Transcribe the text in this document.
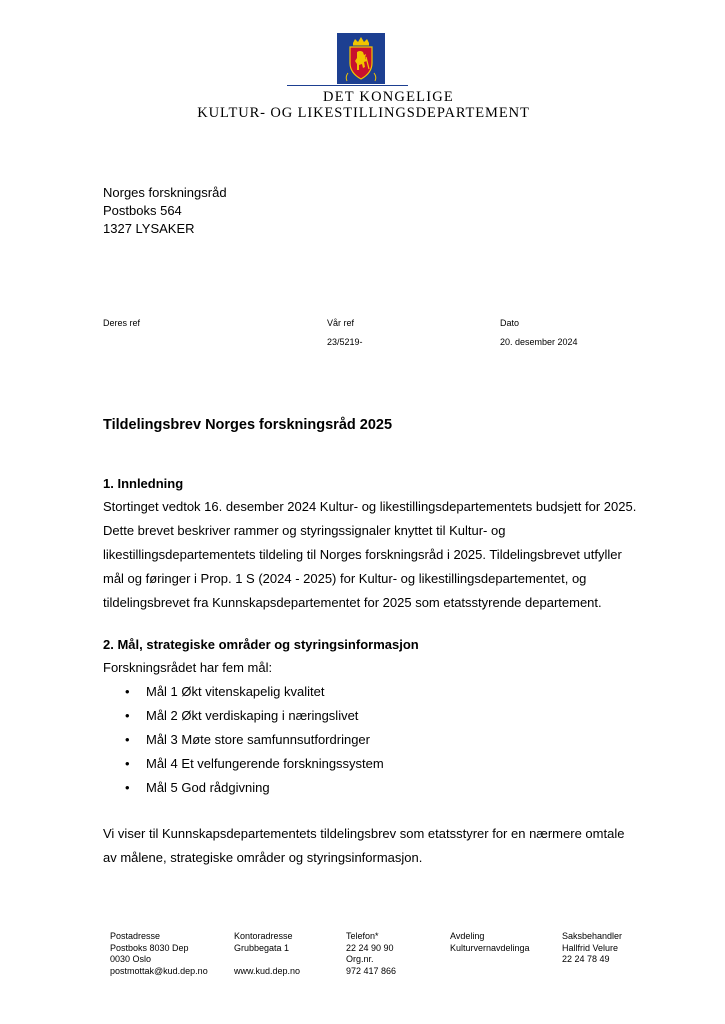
DET KONGELIGE
KULTUR- OG LIKESTILLINGSDEPARTEMENT
Norges forskningsråd
Postboks 564
1327 LYSAKER
Deres ref	Vår ref
23/5219-
Dato
20. desember 2024
Tildelingsbrev Norges forskningsråd 2025
1. Innledning

Stortinget vedtok 16. desember 2024 Kultur- og likestillingsdepartementets budsjett for 2025.
Dette brevet beskriver rammer og styringssignaler knyttet til Kultur- og
likestillingsdepartementets tildeling til Norges forskningsråd i 2025. Tildelingsbrevet utfyller
mål og føringer i Prop. 1 S (2024 - 2025) for Kultur- og likestillingsdepartementet, og
tildelingsbrevet fra Kunnskapsdepartementet for 2025 som etatsstyrende departement.

2. Mål, strategiske områder og styringsinformasjon

Forskningsrådet har fem mål:

• Mål 1 Økt vitenskapelig kvalitet
• Mål 2 Økt verdiskaping i næringslivet
• Mål 3 Møte store samfunnsutfordringer
• Mål 4 Et velfungerende forskningssystem
• Mål 5 God rådgivning

Vi viser til Kunnskapsdepartementets tildelingsbrev som etatsstyrer for en nærmere omtale
av målene, strategiske områder og styringsinformasjon.

Postadresse
Postboks 8030 Dep
0030 Oslo
postmottak@kud.dep.no
Kontoradresse
Grubbegata 1

www.kud.dep.no
Telefon*
22 24 90 90
Org.nr.
972 417 866
Avdeling
Kulturvernavdelinga
Saksbehandler
Hallfrid Velure
22 24 78 49
